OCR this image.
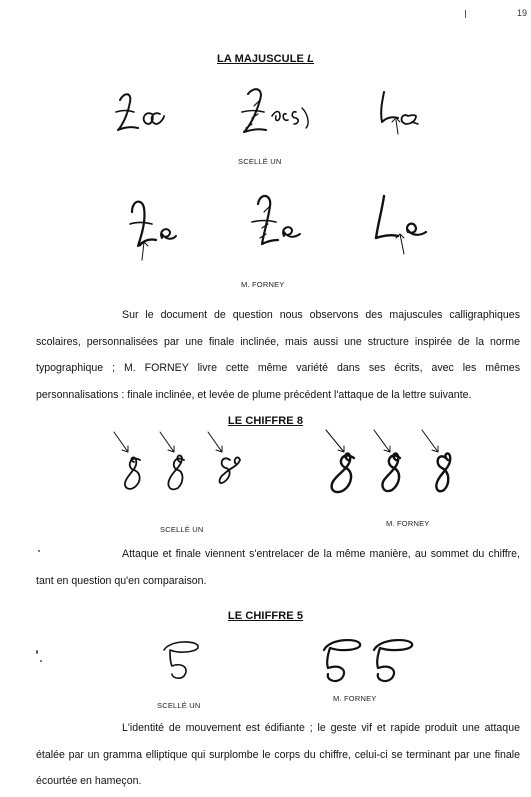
19
LA MAJUSCULE L
SCELLÉ UN
M. FORNEY
Sur le document de question nous observons des majuscules calligraphiques scolaires, personnalisées par une finale inclinée, mais aussi une structure inspirée de la norme typographique ; M. FORNEY livre cette même variété dans ses écrits, avec les mêmes personnalisations : finale inclinée, et levée de plume précédent l'attaque de la lettre suivante.
LE CHIFFRE 8
SCELLÉ UN
M. FORNEY
Attaque et finale viennent s'entrelacer de la même manière, au sommet du chiffre, tant en question qu'en comparaison.
LE CHIFFRE 5
SCELLÉ UN
M. FORNEY
L'identité de mouvement est édifiante ; le geste vif et rapide produit une attaque étalée par un gramma elliptique qui surplombe le corps du chiffre, celui-ci se terminant par une finale écourtée en hameçon.
